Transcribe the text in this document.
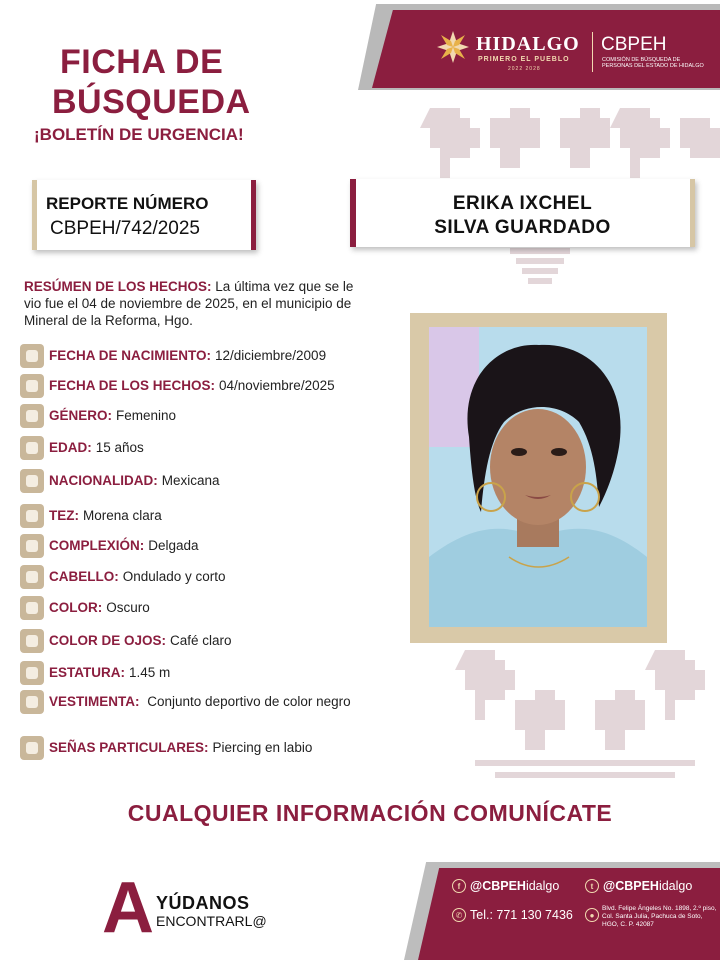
HIDALGO
PRIMERO EL PUEBLO
2022 2028
CBPEH
COMISIÓN DE BÚSQUEDA DE PERSONAS DEL ESTADO DE HIDALGO
FICHA DE
BÚSQUEDA
¡BOLETÍN DE URGENCIA!
REPORTE NÚMERO
CBPEH/742/2025
ERIKA IXCHEL
SILVA GUARDADO
RESÚMEN DE LOS HECHOS: La última vez que se le vio fue el 04 de noviembre de 2025, en el municipio de Mineral de la Reforma, Hgo.
FECHA DE NACIMIENTO: 12/diciembre/2009
FECHA DE LOS HECHOS: 04/noviembre/2025
GÉNERO: Femenino
EDAD: 15 años
NACIONALIDAD: Mexicana
TEZ: Morena clara
COMPLEXIÓN: Delgada
CABELLO: Ondulado y corto
COLOR: Oscuro
COLOR DE OJOS: Café claro
ESTATURA: 1.45 m
VESTIMENTA: Conjunto deportivo de color negro
SEÑAS PARTICULARES: Piercing en labio
CUALQUIER INFORMACIÓN COMUNÍCATE
A YÚDANOS
ENCONTRARL@
f @CBPEH idalgo	t @CBPEH idalgo
✆ Tel.: 771 130 7436	●
Blvd. Felipe Ángeles No. 1898, 2.º piso, Col. Santa Julia, Pachuca de Soto, HGO, C. P. 42087
